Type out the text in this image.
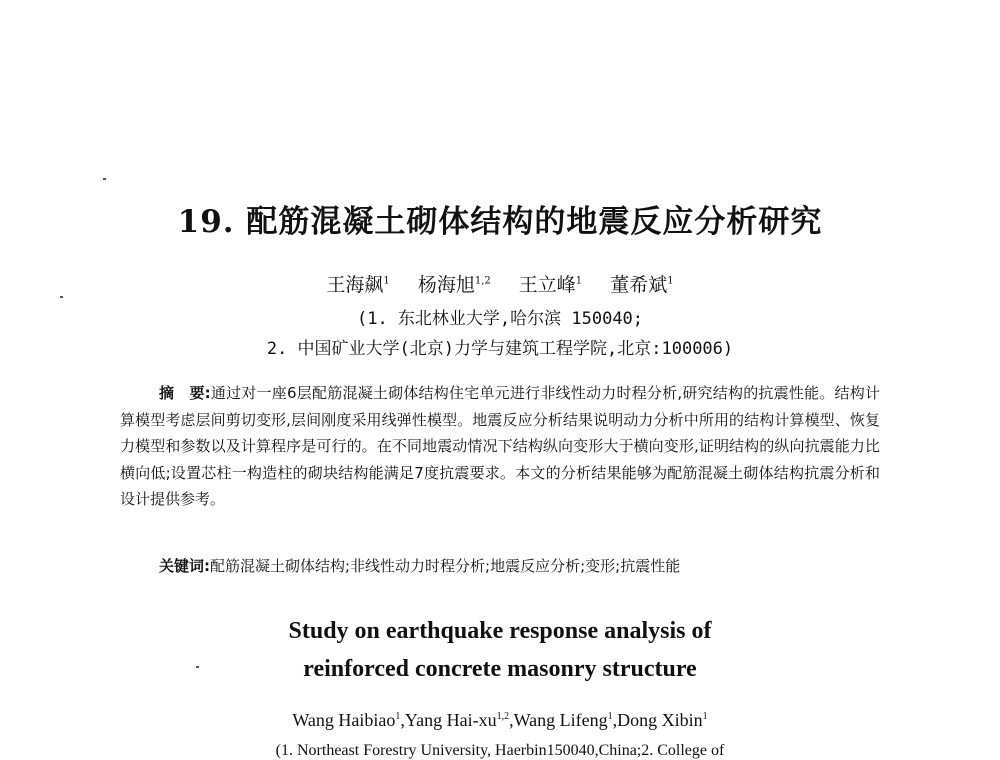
19. 配筋混凝土砌体结构的地震反应分析研究
王海飙$^1$ 杨海旭$^{1,2}$ 王立峰$^1$ 董希斌$^1$
(1. 东北林业大学,哈尔滨 150040;
2. 中国矿业大学(北京)力学与建筑工程学院,北京:100006)
摘　要:通过对一座6层配筋混凝土砌体结构住宅单元进行非线性动力时程分析,研究结构的抗震性能。结构计算模型考虑层间剪切变形,层间刚度采用线弹性模型。地震反应分析结果说明动力分析中所用的结构计算模型、恢复力模型和参数以及计算程序是可行的。在不同地震动情况下结构纵向变形大于横向变形,证明结构的纵向抗震能力比横向低;设置芯柱一构造柱的砌块结构能满足7度抗震要求。本文的分析结果能够为配筋混凝土砌体结构抗震分析和设计提供参考。
关键词:配筋混凝土砌体结构;非线性动力时程分析;地震反应分析;变形;抗震性能
Study on earthquake response analysis of
reinforced concrete masonry structure
Wang Haibiao$^1$,Yang Hai-xu$^{1,2}$,Wang Lifeng$^1$,Dong Xibin$^1$
(1. Northeast Forestry University, Haerbin150040,China;2. College of
